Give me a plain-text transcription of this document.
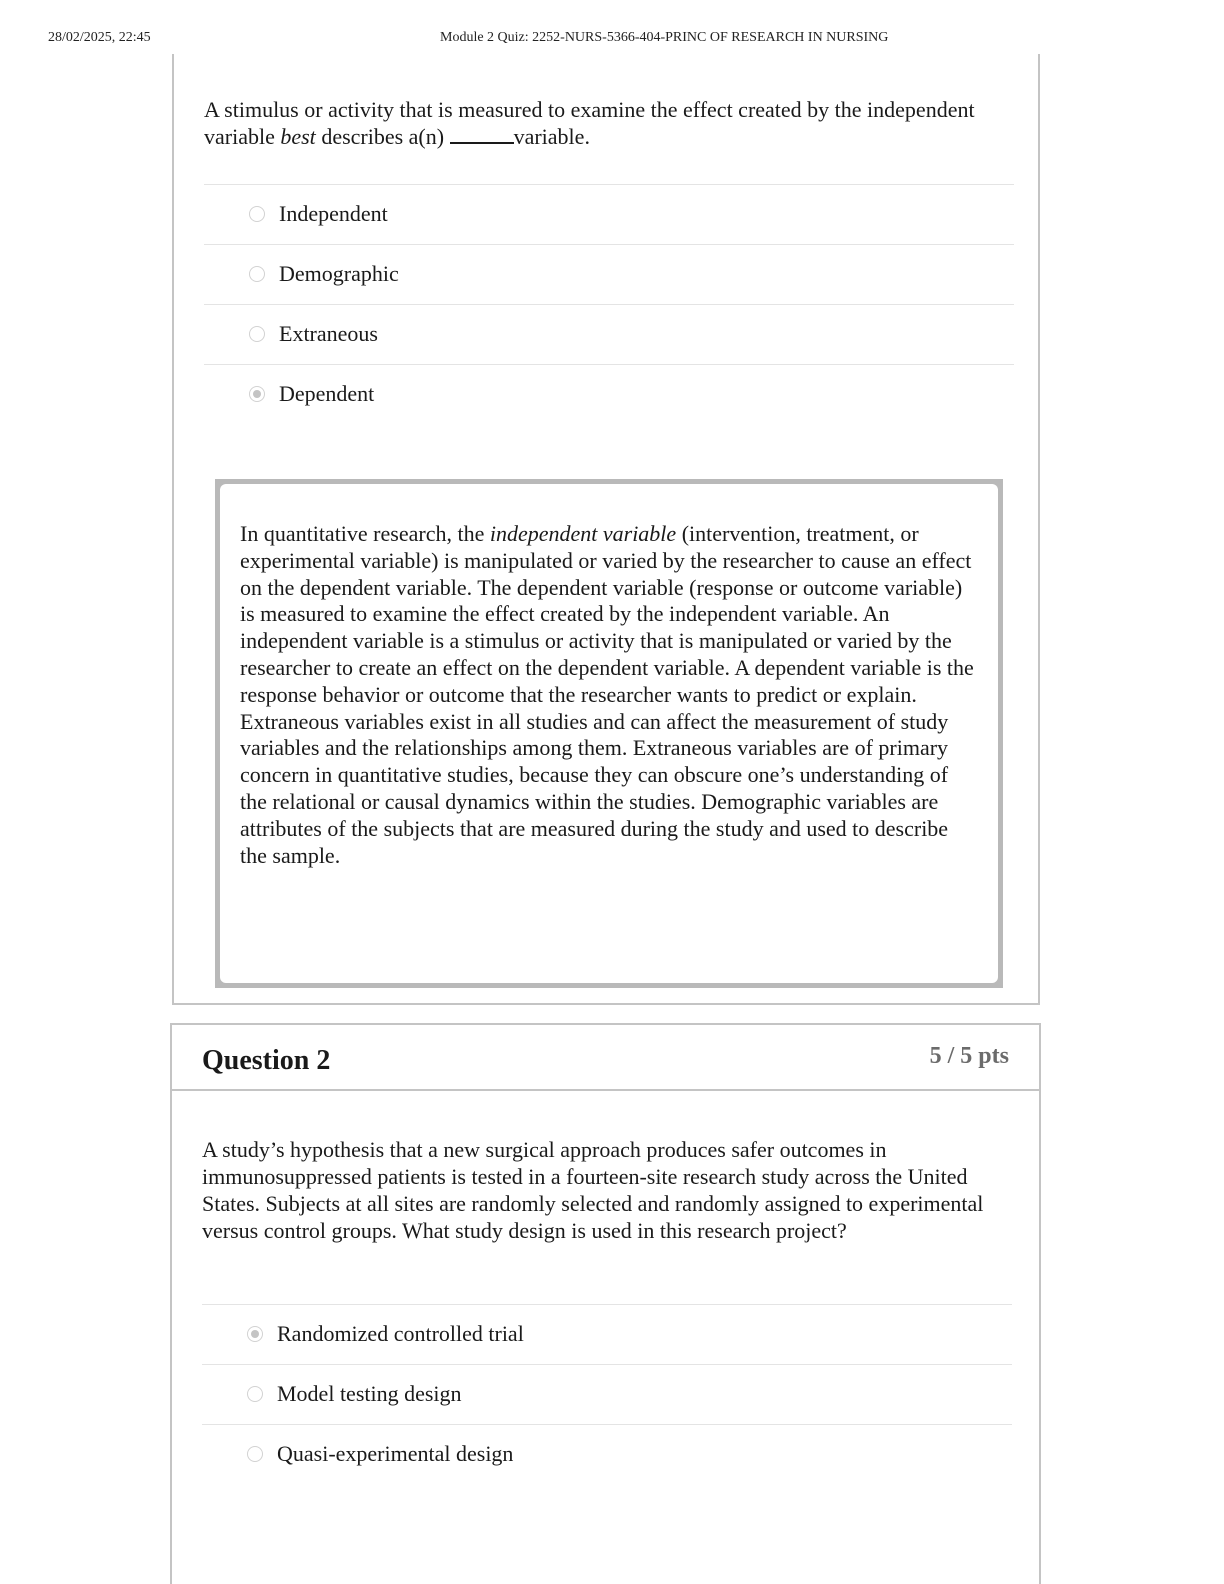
28/02/2025, 22:45	Module 2 Quiz: 2252-NURS-5366-404-PRINC OF RESEARCH IN NURSING
A stimulus or activity that is measured to examine the effect created by the independent variable best describes a(n)	variable.
Independent
Demographic
Extraneous
Dependent

In quantitative research, the independent variable (intervention, treatment, or experimental variable) is manipulated or varied by the researcher to cause an effect on the dependent variable. The dependent variable (response or outcome variable) is measured to examine the effect created by the independent variable. An independent variable is a stimulus or activity that is manipulated or varied by the researcher to create an effect on the dependent variable. A dependent variable is the response behavior or outcome that the researcher wants to predict or explain. Extraneous variables exist in all studies and can affect the measurement of study variables and the relationships among them. Extraneous variables are of primary concern in quantitative studies, because they can obscure one’s understanding of the relational or causal dynamics within the studies. Demographic variables are attributes of the subjects that are measured during the study and used to describe the sample.

Question 2	5 / 5 pts
A study’s hypothesis that a new surgical approach produces safer outcomes in immunosuppressed patients is tested in a fourteen-site research study across the United States. Subjects at all sites are randomly selected and randomly assigned to experimental versus control groups. What study design is used in this research project?
Randomized controlled trial
Model testing design
Quasi-experimental design
